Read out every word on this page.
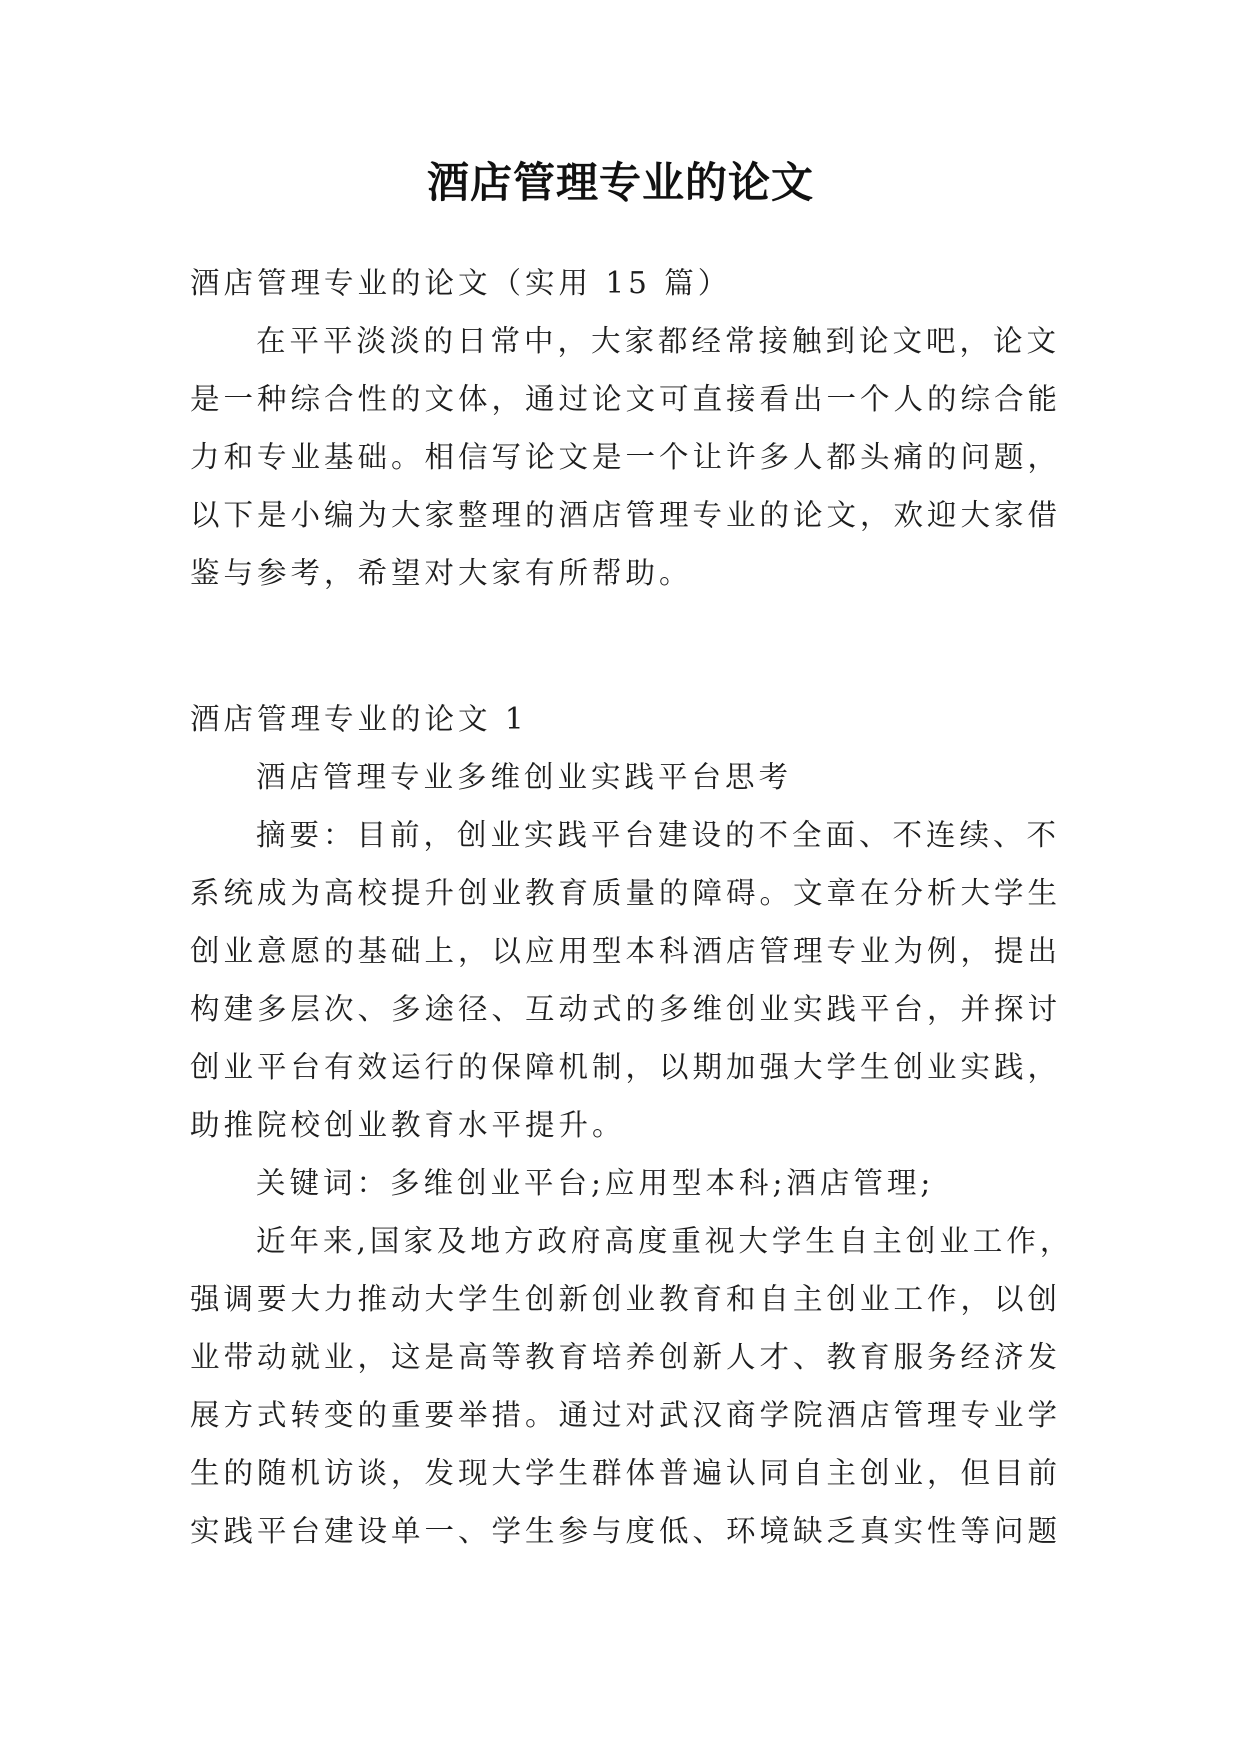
酒店管理专业的论文
酒店管理专业的论文（实用 15 篇）
在平平淡淡的日常中，大家都经常接触到论文吧，论文
是一种综合性的文体，通过论文可直接看出一个人的综合能
力和专业基础。相信写论文是一个让许多人都头痛的问题，
以下是小编为大家整理的酒店管理专业的论文，欢迎大家借
鉴与参考，希望对大家有所帮助。
酒店管理专业的论文 1
酒店管理专业多维创业实践平台思考
摘要：目前，创业实践平台建设的不全面、不连续、不
系统成为高校提升创业教育质量的障碍。文章在分析大学生
创业意愿的基础上，以应用型本科酒店管理专业为例，提出
构建多层次、多途径、互动式的多维创业实践平台，并探讨
创业平台有效运行的保障机制，以期加强大学生创业实践，
助推院校创业教育水平提升。
关键词：多维创业平台;应用型本科;酒店管理;
近年来,国家及地方政府高度重视大学生自主创业工作，
强调要大力推动大学生创新创业教育和自主创业工作，以创
业带动就业，这是高等教育培养创新人才、教育服务经济发
展方式转变的重要举措。通过对武汉商学院酒店管理专业学
生的随机访谈，发现大学生群体普遍认同自主创业，但目前
实践平台建设单一、学生参与度低、环境缺乏真实性等问题
